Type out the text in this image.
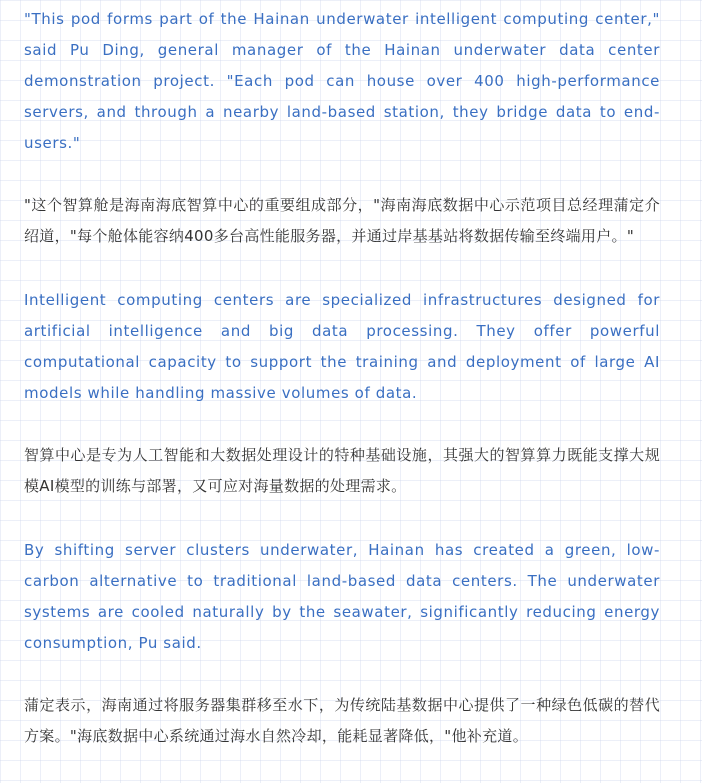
"This pod forms part of the Hainan underwater intelligent computing center," said Pu Ding, general manager of the Hainan underwater data center demonstration project. "Each pod can house over 400 high-performance servers, and through a nearby land-based station, they bridge data to end-users."

"这个智算舱是海南海底智算中心的重要组成部分，"海南海底数据中心示范项目总经理蒲定介绍道，"每个舱体能容纳400多台高性能服务器，并通过岸基基站将数据传输至终端用户。"

Intelligent computing centers are specialized infrastructures designed for artificial intelligence and big data processing. They offer powerful computational capacity to support the training and deployment of large AI models while handling massive volumes of data.

智算中心是专为人工智能和大数据处理设计的特种基础设施，其强大的智算算力既能支撑大规模AI模型的训练与部署，又可应对海量数据的处理需求。

By shifting server clusters underwater, Hainan has created a green, low-carbon alternative to traditional land-based data centers. The underwater systems are cooled naturally by the seawater, significantly reducing energy consumption, Pu said.

蒲定表示，海南通过将服务器集群移至水下，为传统陆基数据中心提供了一种绿色低碳的替代方案。"海底数据中心系统通过海水自然冷却，能耗显著降低，"他补充道。
